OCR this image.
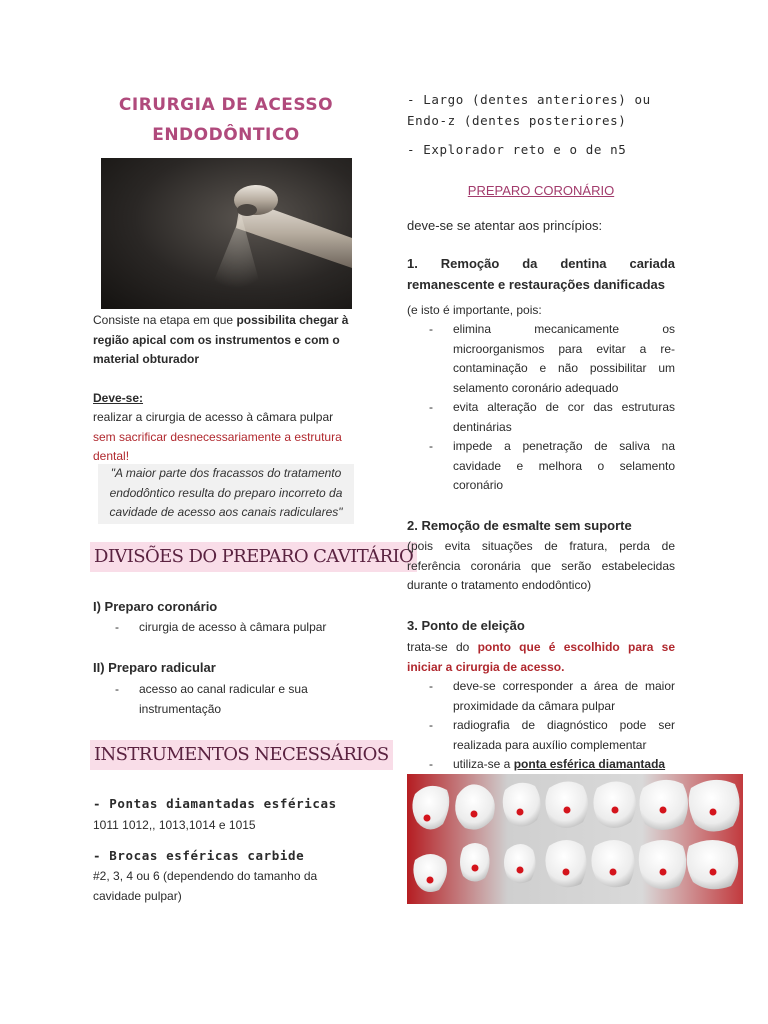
CIRURGIA DE ACESSO
ENDODÔNTICO
Consiste na etapa em que possibilita chegar à região apical com os instrumentos e com o material obturador
Deve-se:
realizar a cirurgia de acesso à câmara pulpar sem sacrificar desnecessariamente a estrutura dental!
"A maior parte dos fracassos do tratamento endodôntico resulta do preparo incorreto da cavidade de acesso aos canais radiculares"
DIVISÕES DO PREPARO CAVITÁRIO
I) Preparo coronário
- cirurgia de acesso à câmara pulpar
II) Preparo radicular
- acesso ao canal radicular e sua instrumentação
INSTRUMENTOS NECESSÁRIOS
- Pontas diamantadas esféricas
1011 1012,, 1013,1014 e 1015
- Brocas esféricas carbide
#2, 3, 4 ou 6 (dependendo do tamanho da cavidade pulpar)
- Largo (dentes anteriores) ou Endo-z (dentes posteriores)
- Explorador reto e o de n5
PREPARO CORONÁRIO
deve-se se atentar aos princípios:
1. Remoção da dentina cariada remanescente e restaurações danificadas
(e isto é importante, pois:
- elimina mecanicamente os microorganismos para evitar a re-contaminação e não possibilitar um selamento coronário adequado
- evita alteração de cor das estruturas dentinárias
- impede a penetração de saliva na cavidade e melhora o selamento coronário
2. Remoção de esmalte sem suporte
(pois evita situações de fratura, perda de referência coronária que serão estabelecidas durante o tratamento endodôntico)
3. Ponto de eleição
trata-se do ponto que é escolhido para se iniciar a cirurgia de acesso.
- deve-se corresponder a área de maior proximidade da câmara pulpar
- radiografia de diagnóstico pode ser realizada para auxílio complementar
- utiliza-se a ponta esférica diamantada
